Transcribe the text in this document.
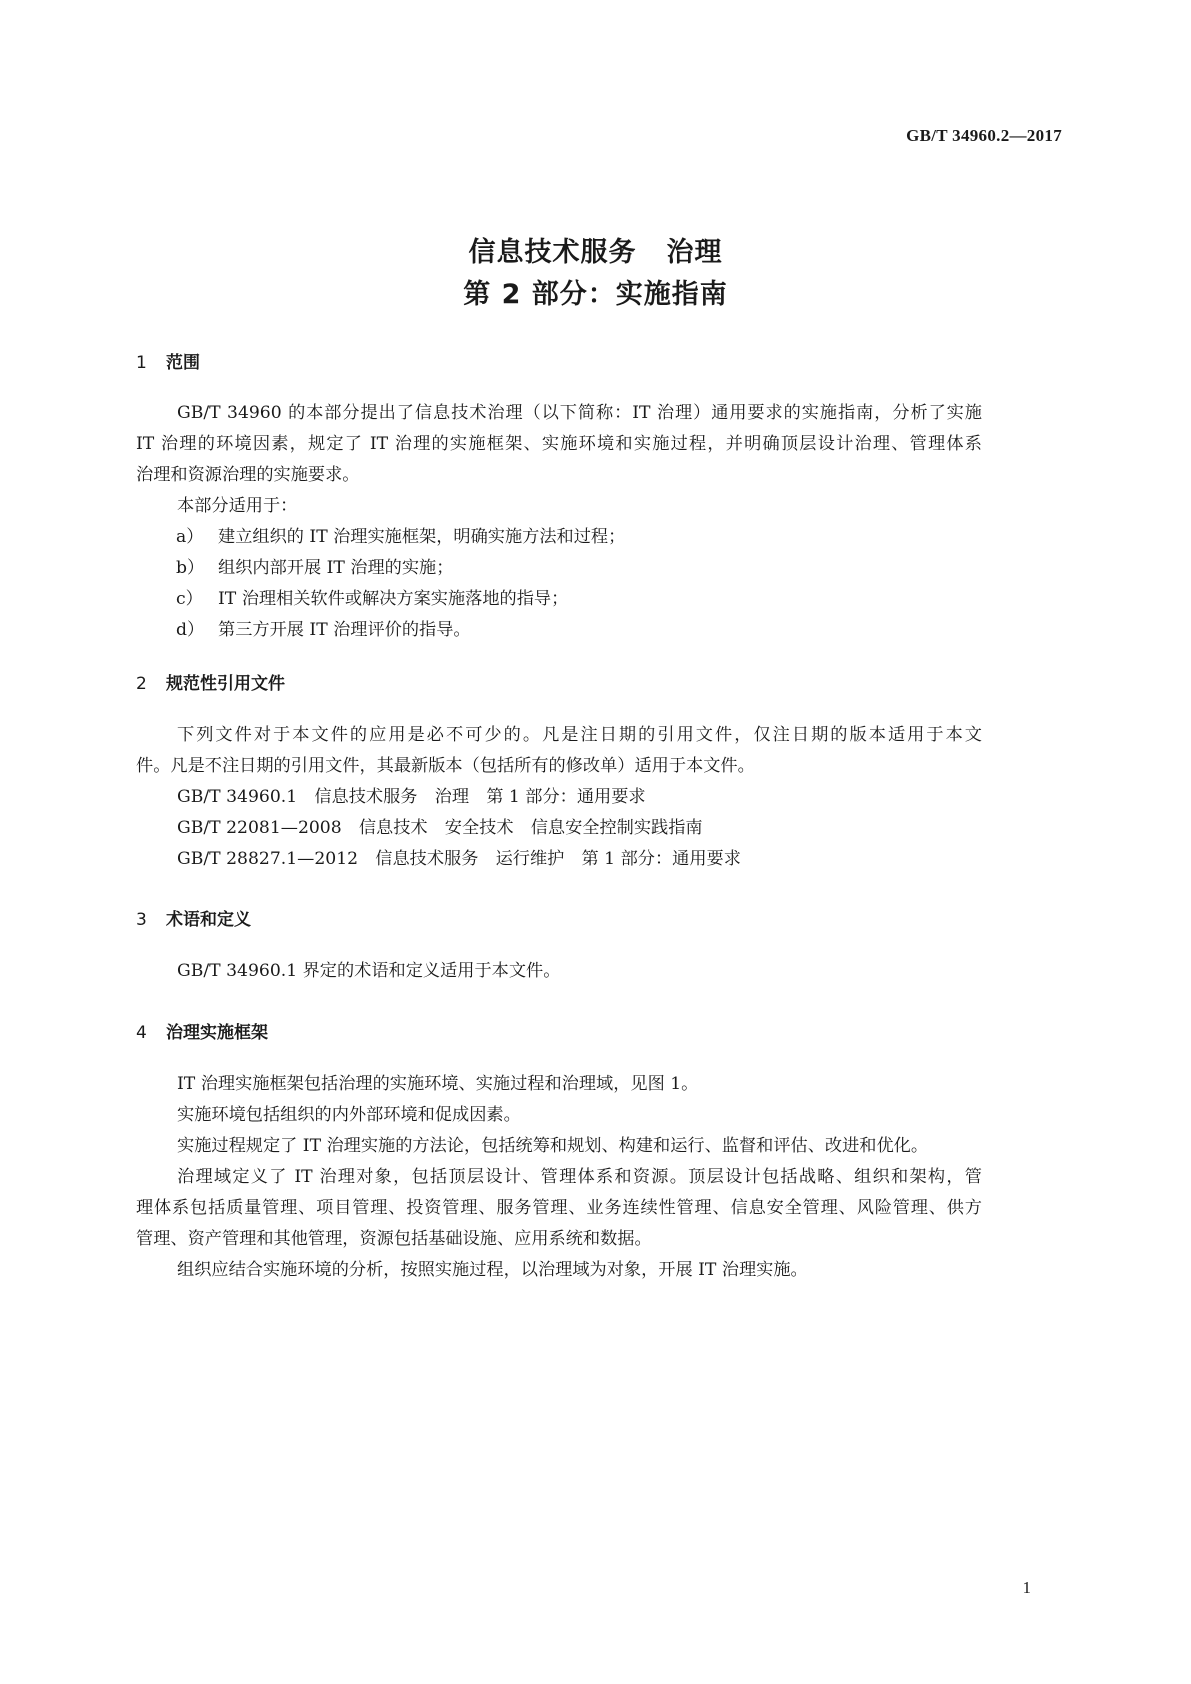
GB/T 34960.2—2017
信息技术服务 治理
第 2 部分：实施指南
1 范围
GB/T 34960 的本部分提出了信息技术治理（以下简称：IT 治理）通用要求的实施指南，分析了实施
IT 治理的环境因素，规定了 IT 治理的实施框架、实施环境和实施过程，并明确顶层设计治理、管理体系
治理和资源治理的实施要求。
本部分适用于：
a） 建立组织的 IT 治理实施框架，明确实施方法和过程；
b） 组织内部开展 IT 治理的实施；
c） IT 治理相关软件或解决方案实施落地的指导；
d） 第三方开展 IT 治理评价的指导。
2 规范性引用文件
下列文件对于本文件的应用是必不可少的。凡是注日期的引用文件，仅注日期的版本适用于本文
件。凡是不注日期的引用文件，其最新版本（包括所有的修改单）适用于本文件。
GB/T 34960.1　信息技术服务　治理　第 1 部分：通用要求
GB/T 22081—2008　信息技术　安全技术　信息安全控制实践指南
GB/T 28827.1—2012　信息技术服务　运行维护　第 1 部分：通用要求
3 术语和定义
GB/T 34960.1 界定的术语和定义适用于本文件。
4 治理实施框架
IT 治理实施框架包括治理的实施环境、实施过程和治理域，见图 1。
实施环境包括组织的内外部环境和促成因素。
实施过程规定了 IT 治理实施的方法论，包括统筹和规划、构建和运行、监督和评估、改进和优化。
治理域定义了 IT 治理对象，包括顶层设计、管理体系和资源。顶层设计包括战略、组织和架构，管
理体系包括质量管理、项目管理、投资管理、服务管理、业务连续性管理、信息安全管理、风险管理、供方
管理、资产管理和其他管理，资源包括基础设施、应用系统和数据。
组织应结合实施环境的分析，按照实施过程，以治理域为对象，开展 IT 治理实施。
1
